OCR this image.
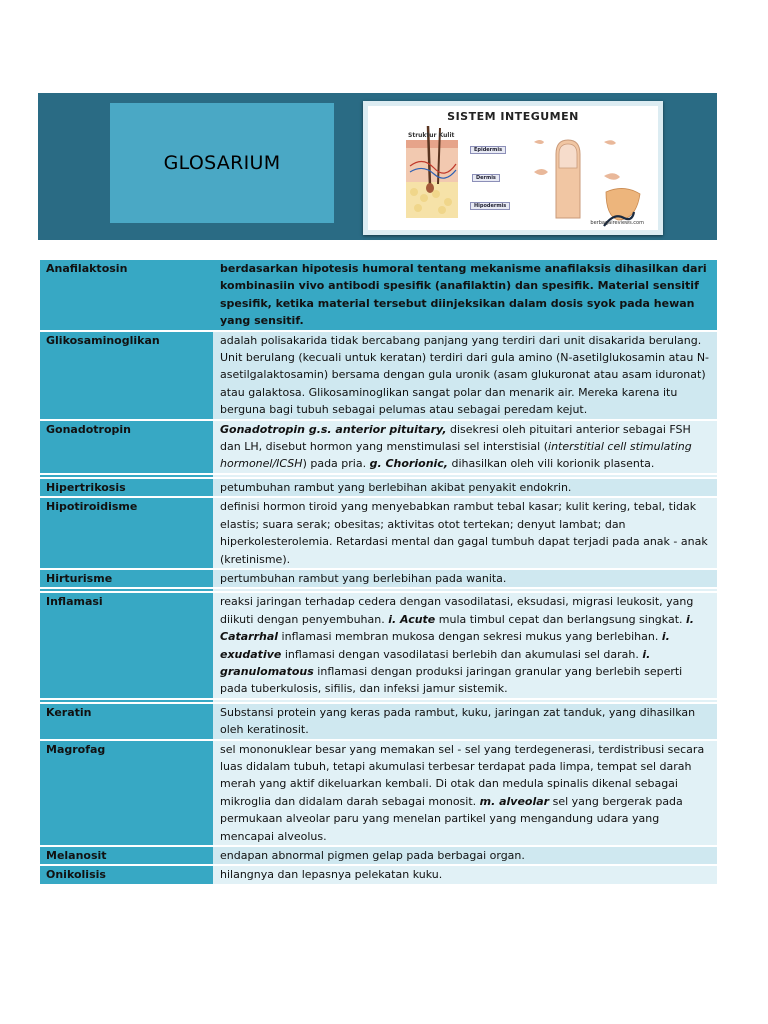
GLOSARIUM
SISTEM INTEGUMEN
Struktur Kulit
Epidermis
Dermis
Hipodermis
berbagaireviews.com
Anafilaktosin	berdasarkan hipotesis humoral tentang mekanisme anafilaksis dihasilkan dari kombinasiin vivo antibodi spesifik (anafilaktin) dan spesifik. Material sensitif spesifik, ketika material tersebut diinjeksikan dalam dosis syok pada hewan yang sensitif.
Glikosaminoglikan	adalah polisakarida tidak bercabang panjang yang terdiri dari unit disakarida berulang. Unit berulang (kecuali untuk keratan) terdiri dari gula amino (N-asetilglukosamin atau N-asetilgalaktosamin) bersama dengan gula uronik (asam glukuronat atau asam iduronat) atau galaktosa. Glikosaminoglikan sangat polar dan menarik air. Mereka karena itu berguna bagi tubuh sebagai pelumas atau sebagai peredam kejut.
Gonadotropin	Gonadotropin g.s. anterior pituitary, disekresi oleh pituitari anterior sebagai FSH dan LH, disebut hormon yang menstimulasi sel interstisial (interstitial cell stimulating hormonel/ICSH) pada pria. g. Chorionic, dihasilkan oleh vili korionik plasenta.

Hipertrikosis	petumbuhan rambut yang berlebihan akibat penyakit endokrin.
Hipotiroidisme	definisi hormon tiroid yang menyebabkan rambut tebal kasar; kulit kering, tebal, tidak elastis; suara serak; obesitas; aktivitas otot tertekan; denyut lambat; dan hiperkolesterolemia. Retardasi mental dan gagal tumbuh dapat terjadi pada anak - anak (kretinisme).
Hirturisme	pertumbuhan rambut yang berlebihan pada wanita.

Inflamasi	reaksi jaringan terhadap cedera dengan vasodilatasi, eksudasi, migrasi leukosit, yang diikuti dengan penyembuhan. i. Acute mula timbul cepat dan berlangsung singkat. i. Catarrhal inflamasi membran mukosa dengan sekresi mukus yang berlebihan. i. exudative inflamasi dengan vasodilatasi berlebih dan akumulasi sel darah. i. granulomatous inflamasi dengan produksi jaringan granular yang berlebih seperti pada tuberkulosis, sifilis, dan infeksi jamur sistemik.

Keratin	Substansi protein yang keras pada rambut, kuku, jaringan zat tanduk, yang dihasilkan oleh keratinosit.
Magrofag	sel mononuklear besar yang memakan sel - sel yang terdegenerasi, terdistribusi secara luas didalam tubuh, tetapi akumulasi terbesar terdapat pada limpa, tempat sel darah merah yang aktif dikeluarkan kembali. Di otak dan medula spinalis dikenal sebagai mikroglia dan didalam darah sebagai monosit. m. alveolar sel yang bergerak pada permukaan alveolar paru yang menelan partikel yang mengandung udara yang mencapai alveolus.
Melanosit	endapan abnormal pigmen gelap pada berbagai organ.
Onikolisis	hilangnya dan lepasnya pelekatan kuku.
